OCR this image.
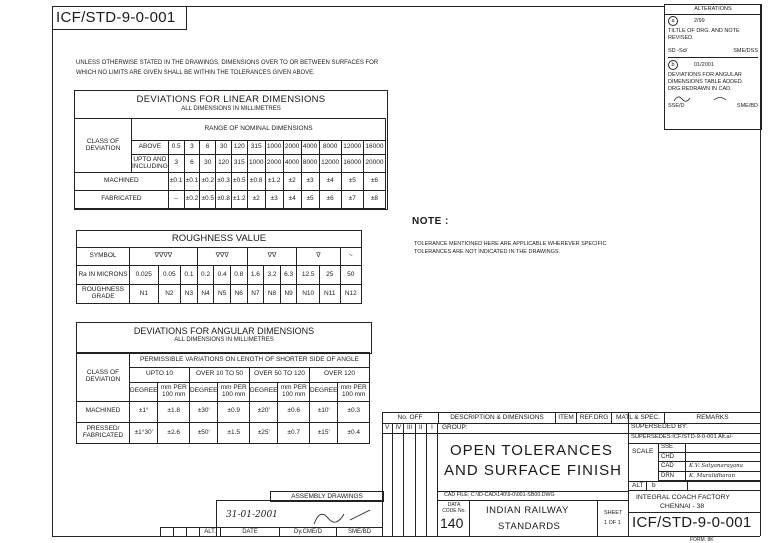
ICF/STD-9-0-001
UNLESS OTHERWISE STATED IN THE DRAWINGS, DIMENSIONS OVER TO OR BETWEEN SURFACES FOR WHICH NO LIMITS ARE GIVEN SHALL BE WITHIN THE TOLERANCES GIVEN ABOVE.
DEVIATIONS FOR LINEAR DIMENSIONS
ALL DIMENSIONS IN MILLIMETRES
CLASS OF DEVIATION	RANGE OF NOMINAL DIMENSIONS												
	ABOVE	0.5	3	6	30	120	315	1000	2000	4000	8000	12000	16000
	UPTO AND INCLUDING	3	6	30	120	315	1000	2000	4000	8000	12000	16000	20000
MACHINED		±0.1	±0.1	±0.2	±0.3	±0.5	±0.8	±1.2	±2	±3	±4	±5	±6
FABRICATED		--	±0.2	±0.5	±0.8	±1.2	±2	±3	±4	±5	±6	±7	±8
ROUGHNESS VALUE
SYMBOL	∇∇∇∇			∇∇∇			∇∇			∇		~
Ra IN MICRONS	0.025	0.05	0.1	0.2	0.4	0.8	1.6	3.2	6.3	12.5	25	50
ROUGHNESS GRADE	N1	N2	N3	N4	N5	N6	N7	N8	N9	N10	N11	N12
DEVIATIONS FOR ANGULAR DIMENSIONS
ALL DIMENSIONS IN MILLIMETRES
CLASS OF DEVIATION	PERMISSIBLE VARIATIONS ON LENGTH OF SHORTER SIDE OF ANGLE							
	UPTO 10		OVER 10 TO 50		OVER 50 TO 120		OVER 120	
	DEGREE	mm PER 100 mm	DEGREE	mm PER 100 mm	DEGREE	mm PER 100 mm	DEGREE	mm PER 100 mm
MACHINED	±1°	±1.8	±30'	±0.9	±20'	±0.6	±10'	±0.3
PRESSED/ FABRICATED	±1°30'	±2.6	±50'	±1.5	±25'	±0.7	±15'	±0.4
NOTE :
TOLERANCE MENTIONED HERE ARE APPLICABLE WHEREVER SPECIFIC TOLERANCES ARE NOT INDICATED IN THE DRAWINGS.
ALTERATIONS
a	2/99
TILTLE OF DRG. AND NOTE REVISED.
SD -Sd/	SME/DSS
b	01/2001
DEVIATIONS FOR ANGULAR DIMENSIONS TABLE ADDED. DRG.REDRAWN IN CAD.
SSE/D	SME/BD
No. OFF	DESCRIPTION & DIMENSIONS	ITEM REF.DRG	MATL & SPEC.	REMARKS
V	IV III	II	I	GROUP:
OPEN TOLERANCES
AND SURFACE FINISH
SUPERSEDED BY:
SUPERSEDES:ICF/STD-9-0-001 Alt.a/-
SCALE
SSE
CHD
CAD	K.V. Satyanarayana
DRN	K. Muralidharan
ALT b
INTEGRAL COACH FACTORY
CHENNAI - 38
ICF/STD-9-0-001
CAD FILE: C:\ID-CAD\140\9-0\001-SB00.DWG
DATA CODE No.
140
INDIAN RAILWAY
STANDARDS
SHEET
1 OF 1
ASSEMBLY DRAWINGS
31-01-2001
ALT.	DATE	Dy.CME/D	SME/BD
FORM. 8K
